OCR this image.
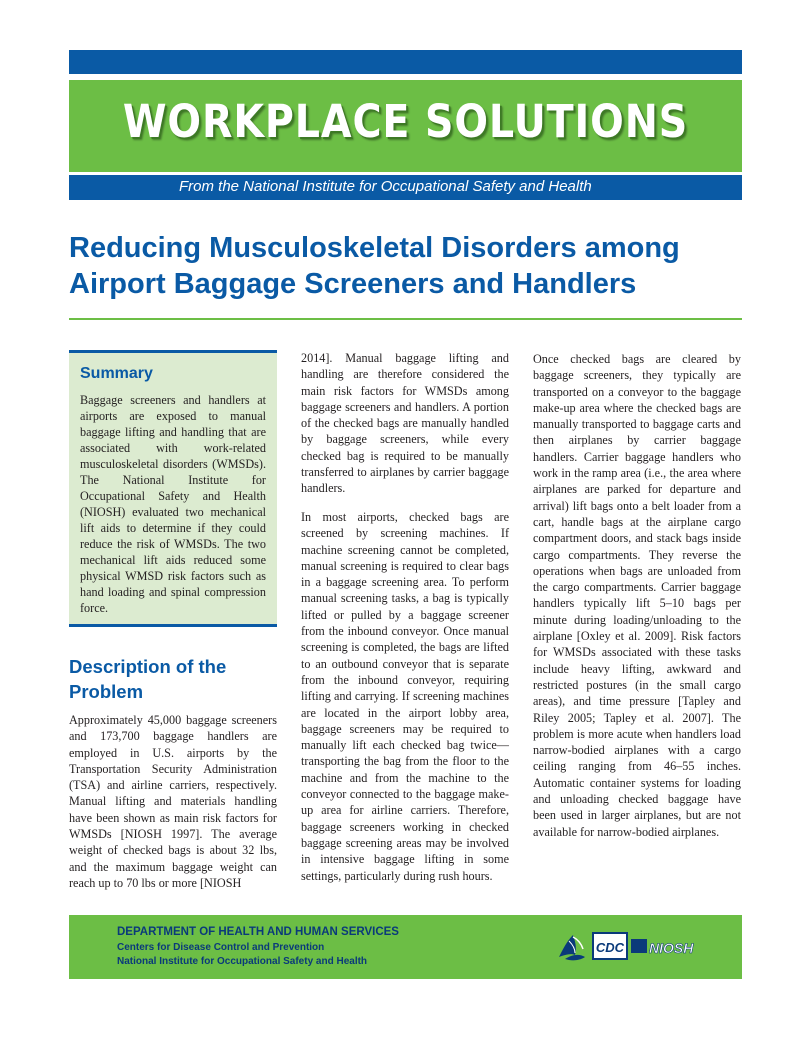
WORKPLACE SOLUTIONS
From the National Institute for Occupational Safety and Health
Reducing Musculoskeletal Disorders among Airport Baggage Screeners and Handlers
Summary

Baggage screeners and handlers at airports are exposed to manual baggage lifting and handling that are associated with work-related musculoskeletal disorders (WMSDs). The National Institute for Occupational Safety and Health (NIOSH) evaluated two mechanical lift aids to determine if they could reduce the risk of WMSDs. The two mechanical lift aids reduced some physical WMSD risk factors such as hand loading and spinal compression force.

Description of the Problem

Approximately 45,000 baggage screeners and 173,700 baggage handlers are employed in U.S. airports by the Transportation Security Administration (TSA) and airline carriers, respectively. Manual lifting and materials handling have been shown as main risk factors for WMSDs [NIOSH 1997]. The average weight of checked bags is about 32 lbs, and the maximum baggage weight can reach up to 70 lbs or more [NIOSH

2014]. Manual baggage lifting and handling are therefore considered the main risk factors for WMSDs among baggage screeners and handlers. A portion of the checked bags are manually handled by baggage screeners, while every checked bag is required to be manually transferred to airplanes by carrier baggage handlers.

In most airports, checked bags are screened by screening machines. If machine screening cannot be completed, manual screening is required to clear bags in a baggage screening area. To perform manual screening tasks, a bag is typically lifted or pulled by a baggage screener from the inbound conveyor. Once manual screening is completed, the bags are lifted to an outbound conveyor that is separate from the inbound conveyor, requiring lifting and carrying. If screening machines are located in the airport lobby area, baggage screeners may be required to manually lift each checked bag twice—transporting the bag from the floor to the machine and from the machine to the conveyor connected to the baggage make-up area for airline carriers. Therefore, baggage screeners working in checked baggage screening areas may be involved in intensive baggage lifting in some settings, particularly during rush hours.

Once checked bags are cleared by baggage screeners, they typically are transported on a conveyor to the baggage make-up area where the checked bags are manually transported to baggage carts and then airplanes by carrier baggage handlers. Carrier baggage handlers who work in the ramp area (i.e., the area where airplanes are parked for departure and arrival) lift bags onto a belt loader from a cart, handle bags at the airplane cargo compartment doors, and stack bags inside cargo compartments. They reverse the operations when bags are unloaded from the cargo compartments. Carrier baggage handlers typically lift 5–10 bags per minute during loading/unloading to the airplane [Oxley et al. 2009]. Risk factors for WMSDs associated with these tasks include heavy lifting, awkward and restricted postures (in the small cargo areas), and time pressure [Tapley and Riley 2005; Tapley et al. 2007]. The problem is more acute when handlers load narrow-bodied airplanes with a cargo ceiling ranging from 46–55 inches. Automatic container systems for loading and unloading checked baggage have been used in larger airplanes, but are not available for narrow-bodied airplanes.

DEPARTMENT OF HEALTH AND HUMAN SERVICES
Centers for Disease Control and Prevention
National Institute for Occupational Safety and Health
CDC NIOSH
